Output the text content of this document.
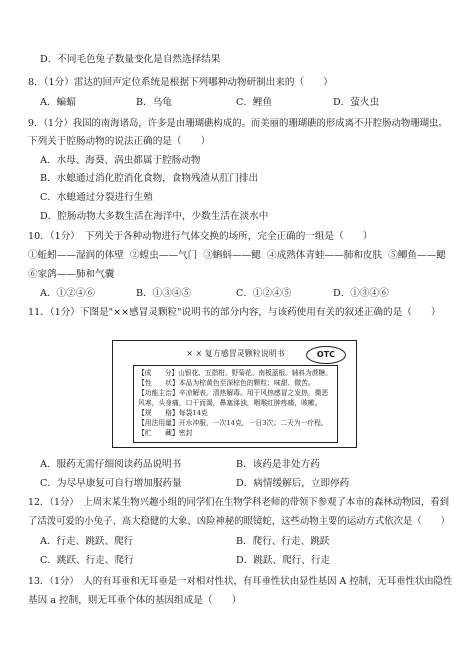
D．不同毛色兔子数量变化是自然选择结果
8．（1分）雷达的回声定位系统是根据下列哪种动物研制出来的（　　）
A．蝙蝠	B．乌龟	C．鲤鱼	D．萤火虫
9．（1分）我国的南海诸岛，许多是由珊瑚礁构成的。而美丽的珊瑚礁的形成离不开腔肠动物珊瑚虫。
下列关于腔肠动物的说法正确的是（　　）
A．水母、海葵、涡虫都属于腔肠动物
B．水螅通过消化腔消化食物，食物残渣从肛门排出
C．水螅通过分裂进行生殖
D．腔肠动物大多数生活在海洋中，少数生活在淡水中
10．（1分）　下列关于各种动物进行气体交换的场所，完全正确的一组是（　　）
①蚯蚓——湿润的体壁 ②蝗虫——气门 ③蝌蚪——鳃 ④成熟体青蛙——肺和皮肤 ⑤鲫鱼——鳃
⑥家鸽——肺和气囊
A．①②④⑥	B．①③④⑤	C．①②④⑤	D．①③④⑥
11．（1分）下图是"××感冒灵颗粒"说明书的部分内容，与该药使用有关的叙述正确的是（　　）
× × 复方感冒灵颗粒说明书	OTC
【成　　分】山银花、五指柑、野菊花、南板蓝根。辅料为蔗糖。
【性　　状】本品为棕黄色至深棕色的颗粒；味甜、微苦。
【功能主治】辛凉解表，清热解毒。用于风热感冒之发热，微恶
风寒，头身痛，口干而渴，鼻塞涕浊，咽喉红肿疼痛，咳嗽。
【规　　格】每袋14克
【用法用量】开水冲服，一次14克，一日3次；二天为一疗程。
【贮　　藏】密封
A．服药无需仔细阅读药品说明书	B．该药是非处方药
C．为尽早康复可自行增加服药量	D．病情缓解后，立即停药
12．（1分）　上周末某生物兴趣小组的同学们在生物学科老师的带领下参观了本市的森林动物园，看到
了活泼可爱的小兔子、高大稳健的大象、凶险神秘的眼镜蛇，这些动物主要的运动方式依次是（　　）
A．行走、跳跃、爬行	B．爬行、行走、跳跃
C．跳跃、行走、爬行	D．跳跃、爬行、行走
13．（1分）　人的有耳垂和无耳垂是一对相对性状，有耳垂性状由显性基因 A 控制，无耳垂性状由隐性
基因 a 控制，则无耳垂个体的基因组成是（　　）
